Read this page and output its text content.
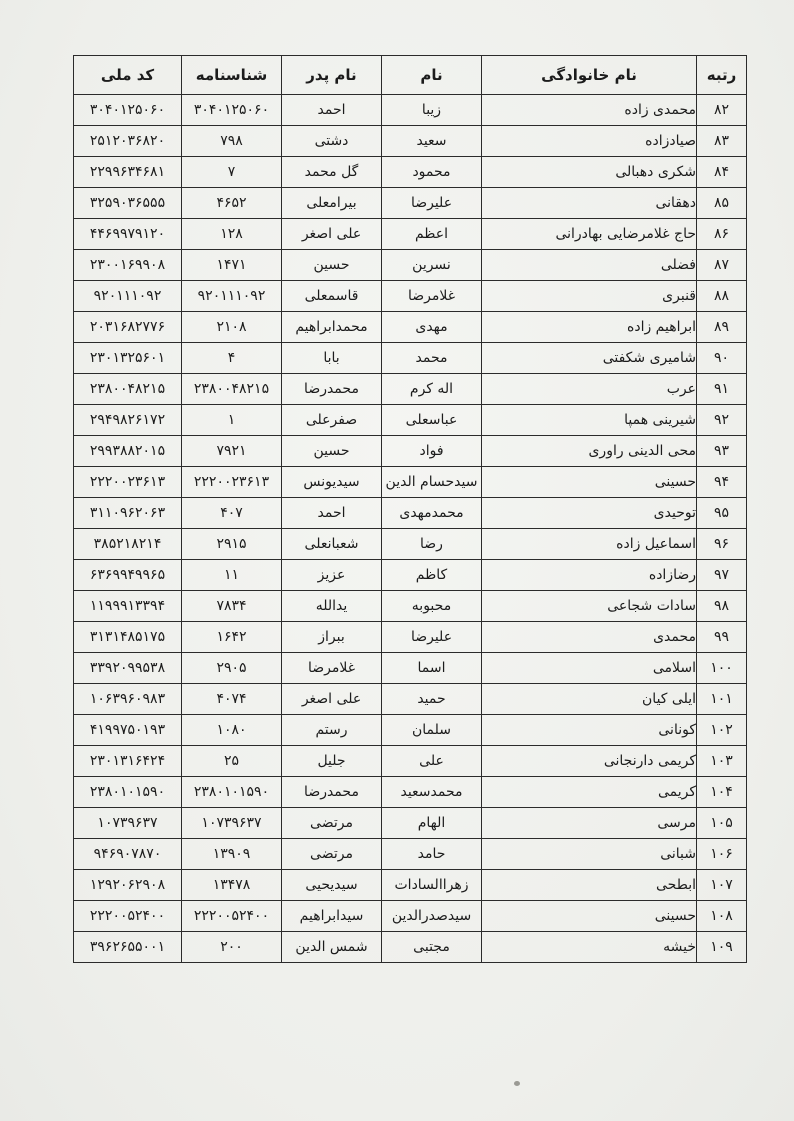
رتبه	نام خانوادگی	نام	نام پدر	شناسنامه	کد ملی
۸۲	محمدی زاده	زیبا	احمد	۳۰۴۰۱۲۵۰۶۰	۳۰۴۰۱۲۵۰۶۰
۸۳	صیادزاده	سعید	دشتی	۷۹۸	۲۵۱۲۰۳۶۸۲۰
۸۴	شکری دهبالی	محمود	گل محمد	۷	۲۲۹۹۶۳۴۶۸۱
۸۵	دهقانی	علیرضا	بیرامعلی	۴۶۵۲	۳۲۵۹۰۳۶۵۵۵
۸۶	حاج غلامرضایی بهادرانی	اعظم	علی اصغر	۱۲۸	۴۴۶۹۹۷۹۱۲۰
۸۷	فضلی	نسرین	حسین	۱۴۷۱	۲۳۰۰۱۶۹۹۰۸
۸۸	قنبری	غلامرضا	قاسمعلی	۹۲۰۱۱۱۰۹۲	۹۲۰۱۱۱۰۹۲
۸۹	ابراهیم زاده	مهدی	محمدابراهیم	۲۱۰۸	۲۰۳۱۶۸۲۷۷۶
۹۰	شامیری شکفتی	محمد	بابا	۴	۲۳۰۱۳۲۵۶۰۱
۹۱	عرب	اله کرم	محمدرضا	۲۳۸۰۰۴۸۲۱۵	۲۳۸۰۰۴۸۲۱۵
۹۲	شیرینی همپا	عباسعلی	صفرعلی	۱	۲۹۴۹۸۲۶۱۷۲
۹۳	محی الدینی راوری	فواد	حسین	۷۹۲۱	۲۹۹۳۸۸۲۰۱۵
۹۴	حسینی	سیدحسام الدین	سیدیونس	۲۲۲۰۰۲۳۶۱۳	۲۲۲۰۰۲۳۶۱۳
۹۵	توحیدی	محمدمهدی	احمد	۴۰۷	۳۱۱۰۹۶۲۰۶۳
۹۶	اسماعیل زاده	رضا	شعبانعلی	۲۹۱۵	۳۸۵۲۱۸۲۱۴
۹۷	رضازاده	کاظم	عزیز	۱۱	۶۳۶۹۹۴۹۹۶۵
۹۸	سادات شجاعی	محبوبه	یدالله	۷۸۳۴	۱۱۹۹۹۱۳۳۹۴
۹۹	محمدی	علیرضا	ببراز	۱۶۴۲	۳۱۳۱۴۸۵۱۷۵
۱۰۰	اسلامی	اسما	غلامرضا	۲۹۰۵	۳۳۹۲۰۹۹۵۳۸
۱۰۱	ایلی کیان	حمید	علی اصغر	۴۰۷۴	۱۰۶۳۹۶۰۹۸۳
۱۰۲	کونانی	سلمان	رستم	۱۰۸۰	۴۱۹۹۷۵۰۱۹۳
۱۰۳	کریمی دارنجانی	علی	جلیل	۲۵	۲۳۰۱۳۱۶۴۲۴
۱۰۴	کریمی	محمدسعید	محمدرضا	۲۳۸۰۱۰۱۵۹۰	۲۳۸۰۱۰۱۵۹۰
۱۰۵	مرسی	الهام	مرتضی	۱۰۷۳۹۶۳۷	۱۰۷۳۹۶۳۷
۱۰۶	شبانی	حامد	مرتضی	۱۳۹۰۹	۹۴۶۹۰۷۸۷۰
۱۰۷	ابطحی	زهراالسادات	سیدیحیی	۱۳۴۷۸	۱۲۹۲۰۶۲۹۰۸
۱۰۸	حسینی	سیدصدرالدین	سیدابراهیم	۲۲۲۰۰۵۲۴۰۰	۲۲۲۰۰۵۲۴۰۰
۱۰۹	خیشه	مجتبی	شمس الدین	۲۰۰	۳۹۶۲۶۵۵۰۰۱
